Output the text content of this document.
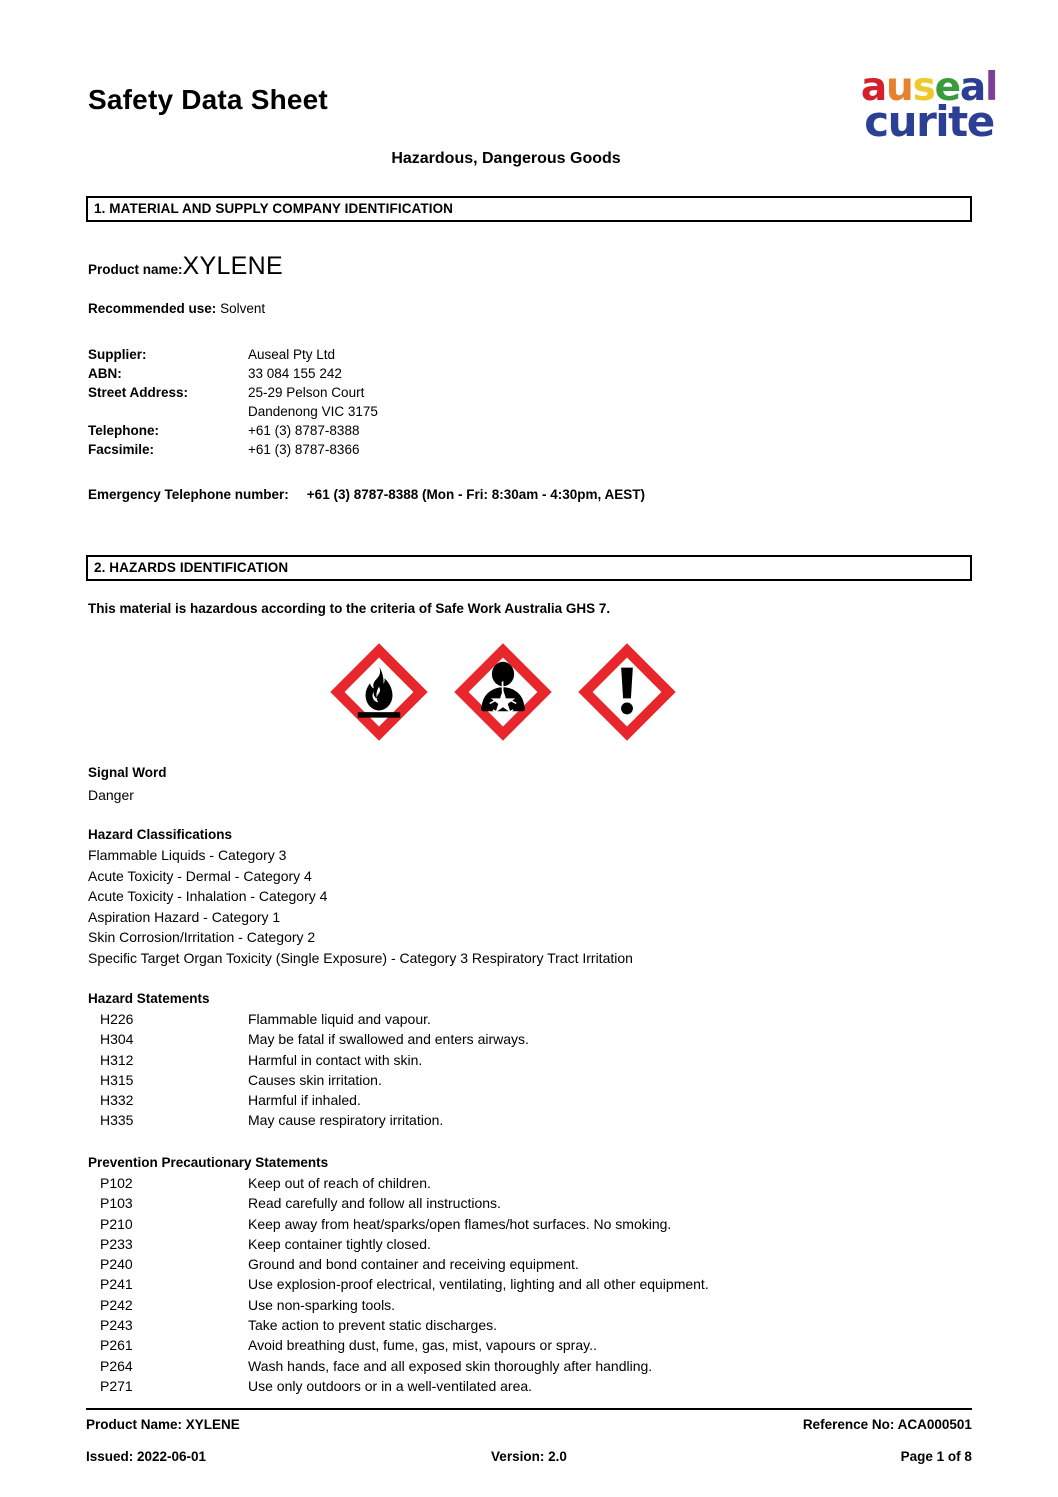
Safety Data Sheet
Hazardous, Dangerous Goods
auseal
curite
1. MATERIAL AND SUPPLY COMPANY IDENTIFICATION
Product name:XYLENE
Recommended use: Solvent
Supplier:	Auseal Pty Ltd
ABN:	33 084 155 242
Street Address:	25-29 Pelson Court
	Dandenong VIC 3175
Telephone:	+61 (3) 8787-8388
Facsimile:	+61 (3) 8787-8366
Emergency Telephone number: +61 (3) 8787-8388 (Mon - Fri: 8:30am - 4:30pm, AEST)
2. HAZARDS IDENTIFICATION
This material is hazardous according to the criteria of Safe Work Australia GHS 7.
Signal Word
Danger
Hazard Classifications
Flammable Liquids - Category 3
Acute Toxicity - Dermal - Category 4
Acute Toxicity - Inhalation - Category 4
Aspiration Hazard - Category 1
Skin Corrosion/Irritation - Category 2
Specific Target Organ Toxicity (Single Exposure) - Category 3 Respiratory Tract Irritation
Hazard Statements
H226	Flammable liquid and vapour.
H304	May be fatal if swallowed and enters airways.
H312	Harmful in contact with skin.
H315	Causes skin irritation.
H332	Harmful if inhaled.
H335	May cause respiratory irritation.
Prevention Precautionary Statements
P102	Keep out of reach of children.
P103	Read carefully and follow all instructions.
P210	Keep away from heat/sparks/open flames/hot surfaces. No smoking.
P233	Keep container tightly closed.
P240	Ground and bond container and receiving equipment.
P241	Use explosion-proof electrical, ventilating, lighting and all other equipment.
P242	Use non-sparking tools.
P243	Take action to prevent static discharges.
P261	Avoid breathing dust, fume, gas, mist, vapours or spray..
P264	Wash hands, face and all exposed skin thoroughly after handling.
P271	Use only outdoors or in a well-ventilated area.
Product Name: XYLENE	Reference No: ACA000501
Issued: 2022-06-01	Version: 2.0	Page 1 of 8
